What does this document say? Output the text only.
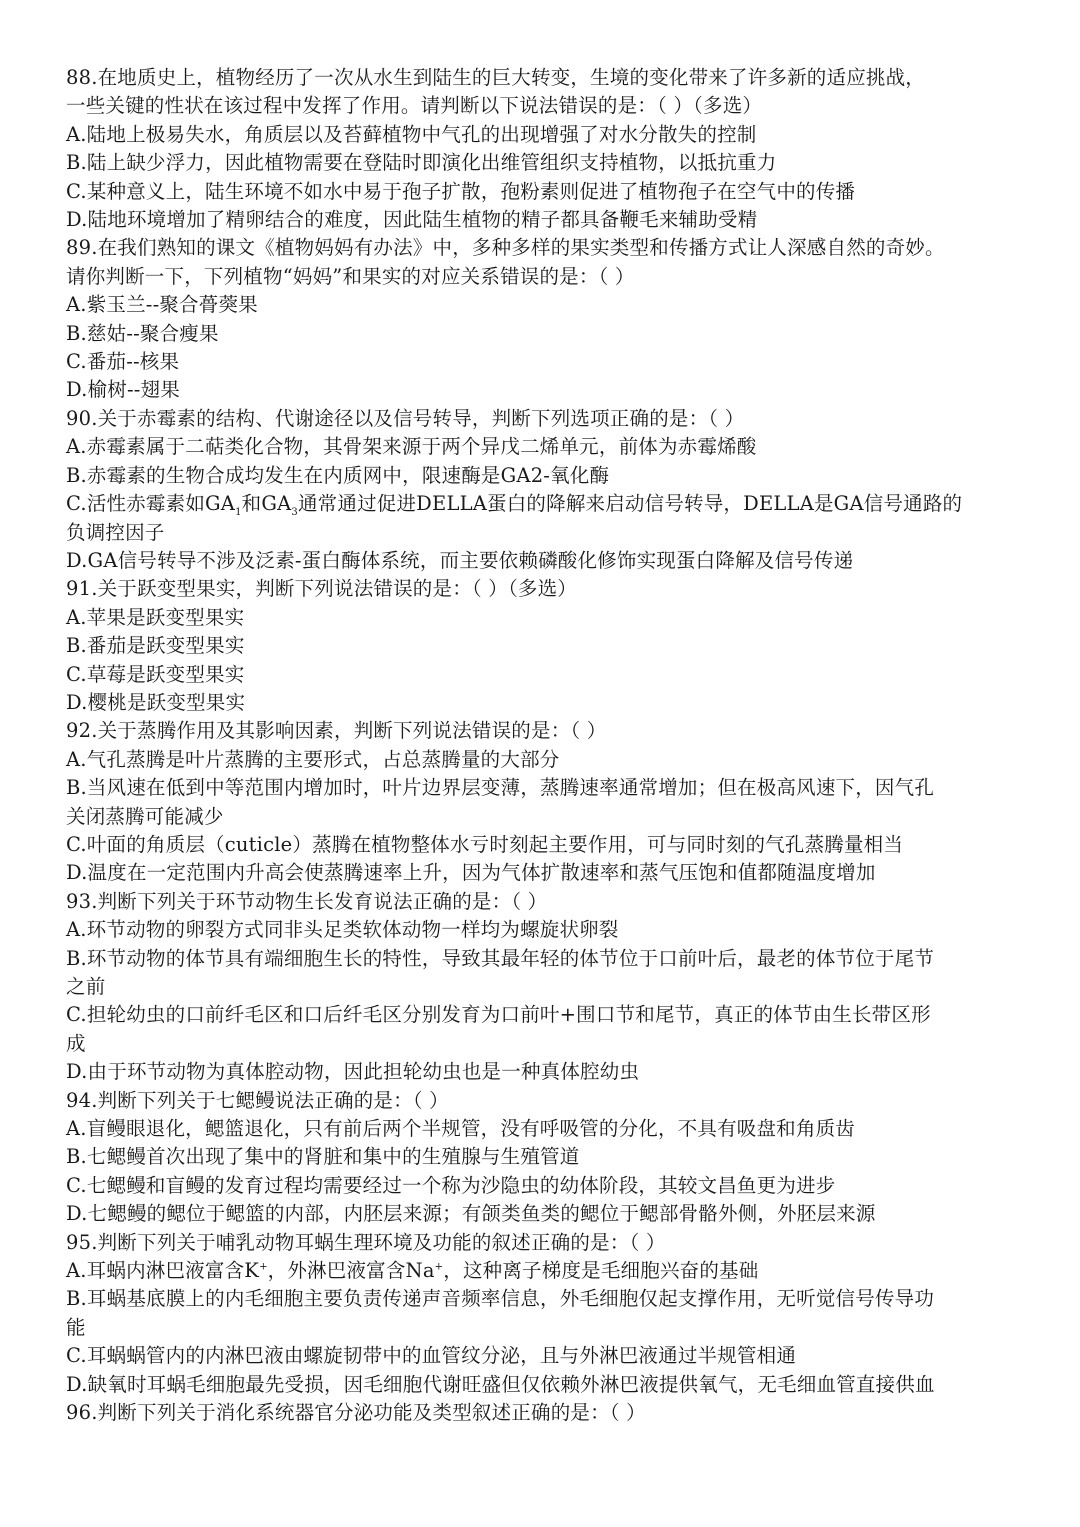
88.在地质史上，植物经历了一次从水生到陆生的巨大转变，生境的变化带来了许多新的适应挑战，
一些关键的性状在该过程中发挥了作用。请判断以下说法错误的是：（ ）（多选）
A.陆地上极易失水，角质层以及苔藓植物中气孔的出现增强了对水分散失的控制
B.陆上缺少浮力，因此植物需要在登陆时即演化出维管组织支持植物，以抵抗重力
C.某种意义上，陆生环境不如水中易于孢子扩散，孢粉素则促进了植物孢子在空气中的传播
D.陆地环境增加了精卵结合的难度，因此陆生植物的精子都具备鞭毛来辅助受精
89.在我们熟知的课文《植物妈妈有办法》中，多种多样的果实类型和传播方式让人深感自然的奇妙。
请你判断一下，下列植物“妈妈”和果实的对应关系错误的是：（ ）
A.紫玉兰--聚合蓇葖果
B.慈姑--聚合瘦果
C.番茄--核果
D.榆树--翅果
90.关于赤霉素的结构、代谢途径以及信号转导，判断下列选项正确的是：（ ）
A.赤霉素属于二萜类化合物，其骨架来源于两个异戊二烯单元，前体为赤霉烯酸
B.赤霉素的生物合成均发生在内质网中，限速酶是GA2-氧化酶
C.活性赤霉素如$GA_1$和$GA_3$通常通过促进DELLA蛋白的降解来启动信号转导，DELLA是GA信号通路的
负调控因子
D.GA信号转导不涉及泛素-蛋白酶体系统，而主要依赖磷酸化修饰实现蛋白降解及信号传递
91.关于跃变型果实，判断下列说法错误的是：（ ）（多选）
A.苹果是跃变型果实
B.番茄是跃变型果实
C.草莓是跃变型果实
D.樱桃是跃变型果实
92.关于蒸腾作用及其影响因素，判断下列说法错误的是：（ ）
A.气孔蒸腾是叶片蒸腾的主要形式，占总蒸腾量的大部分
B.当风速在低到中等范围内增加时，叶片边界层变薄，蒸腾速率通常增加；但在极高风速下，因气孔
关闭蒸腾可能减少
C.叶面的角质层（cuticle）蒸腾在植物整体水亏时刻起主要作用，可与同时刻的气孔蒸腾量相当
D.温度在一定范围内升高会使蒸腾速率上升，因为气体扩散速率和蒸气压饱和值都随温度增加
93.判断下列关于环节动物生长发育说法正确的是：（ ）
A.环节动物的卵裂方式同非头足类软体动物一样均为螺旋状卵裂
B.环节动物的体节具有端细胞生长的特性，导致其最年轻的体节位于口前叶后，最老的体节位于尾节
之前
C.担轮幼虫的口前纤毛区和口后纤毛区分别发育为口前叶+围口节和尾节，真正的体节由生长带区形
成
D.由于环节动物为真体腔动物，因此担轮幼虫也是一种真体腔幼虫
94.判断下列关于七鳃鳗说法正确的是：（ ）
A.盲鳗眼退化，鳃篮退化，只有前后两个半规管，没有呼吸管的分化，不具有吸盘和角质齿
B.七鳃鳗首次出现了集中的肾脏和集中的生殖腺与生殖管道
C.七鳃鳗和盲鳗的发育过程均需要经过一个称为沙隐虫的幼体阶段，其较文昌鱼更为进步
D.七鳃鳗的鳃位于鳃篮的内部，内胚层来源；有颌类鱼类的鳃位于鳃部骨骼外侧，外胚层来源
95.判断下列关于哺乳动物耳蜗生理环境及功能的叙述正确的是：（ ）
A.耳蜗内淋巴液富含K+，外淋巴液富含Na+，这种离子梯度是毛细胞兴奋的基础
B.耳蜗基底膜上的内毛细胞主要负责传递声音频率信息，外毛细胞仅起支撑作用，无听觉信号传导功
能
C.耳蜗蜗管内的内淋巴液由螺旋韧带中的血管纹分泌，且与外淋巴液通过半规管相通
D.缺氧时耳蜗毛细胞最先受损，因毛细胞代谢旺盛但仅依赖外淋巴液提供氧气，无毛细血管直接供血
96.判断下列关于消化系统器官分泌功能及类型叙述正确的是：（ ）
